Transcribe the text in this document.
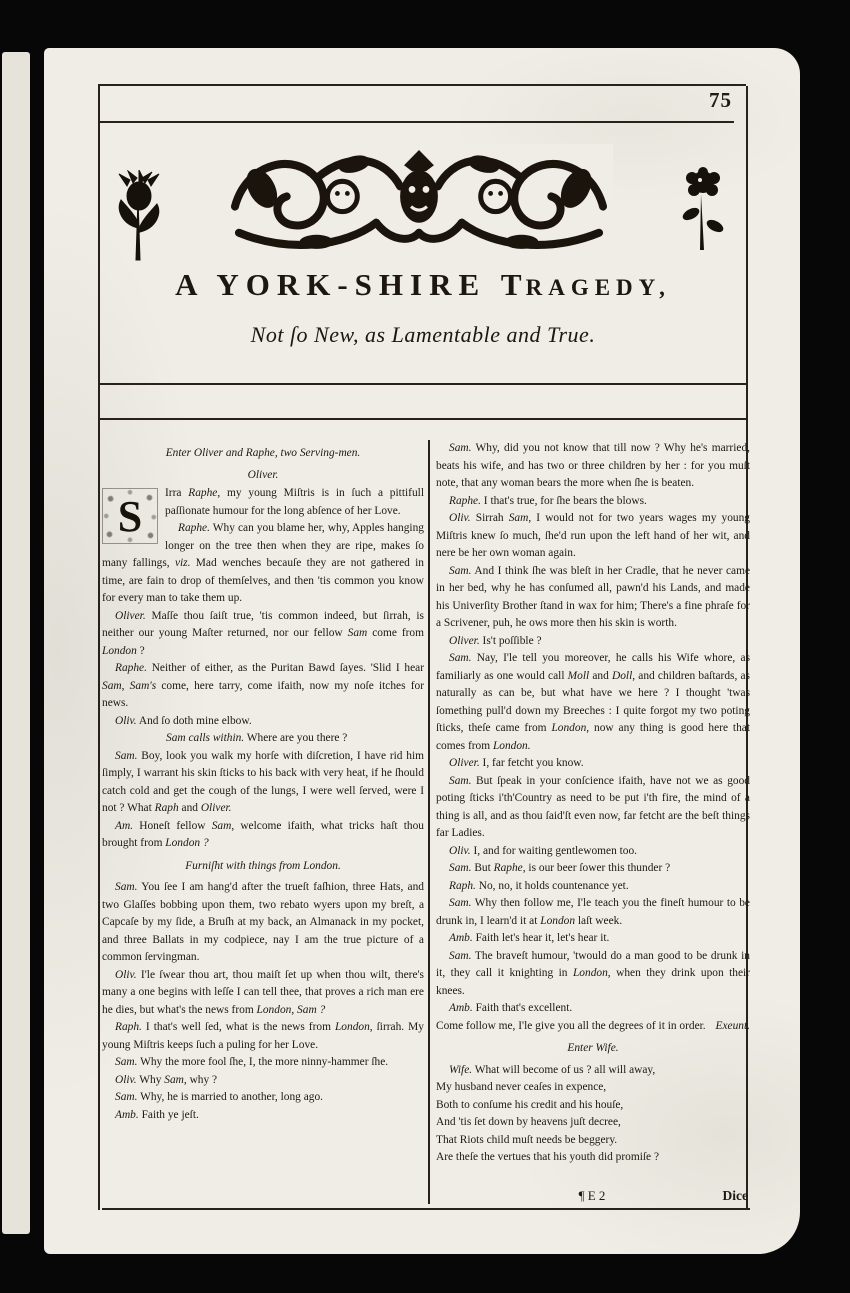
75
A YORK-SHIRE TRAGEDY,
Not ſo New, as Lamentable and True.

Enter Oliver and Raphe, two Serving-men.

Oliver.

S	Irra Raphe, my young Miſtris is in ſuch a pittifull paſſionate humour for the long abſence of her Love.

Raphe. Why can you blame her, why, Apples hanging longer on the tree then when they are ripe, makes ſo many fallings, viz. Mad wenches becauſe they are not gathered in time, are fain to drop of themſelves, and then 'tis common you know for every man to take them up.

Oliver. Maſſe thou ſaiſt true, 'tis common indeed, but ſirrah, is neither our young Maſter returned, nor our fellow Sam come from London ?

Raphe. Neither of either, as the Puritan Bawd ſayes. 'Slid I hear Sam, Sam's come, here tarry, come ifaith, now my noſe itches for news.

Oliv. And ſo doth mine elbow.

Sam calls within. Where are you there ?

Sam. Boy, look you walk my horſe with diſcretion, I have rid him ſimply, I warrant his skin ſticks to his back with very heat, if he ſhould catch cold and get the cough of the lungs, I were well ſerved, were I not ? What Raph and Oliver.

Am. Honeſt fellow Sam, welcome ifaith, what tricks haſt thou brought from London ?

Furniſht with things from London.

Sam. You ſee I am hang'd after the trueſt faſhion, three Hats, and two Glaſſes bobbing upon them, two rebato wyers upon my breſt, a Capcaſe by my ſide, a Bruſh at my back, an Almanack in my pocket, and three Ballats in my codpiece, nay I am the true picture of a common ſervingman.

Oliv. I'le ſwear thou art, thou maiſt ſet up when thou wilt, there's many a one begins with leſſe I can tell thee, that proves a rich man ere he dies, but what's the news from London, Sam ?

Raph. I that's well ſed, what is the news from London, ſirrah. My young Miſtris keeps ſuch a puling for her Love.

Sam. Why the more fool ſhe, I, the more ninny-hammer ſhe.

Oliv. Why Sam, why ?

Sam. Why, he is married to another, long ago.

Amb. Faith ye jeſt.

Sam. Why, did you not know that till now ? Why he's married, beats his wife, and has two or three children by her : for you muſt note, that any woman bears the more when ſhe is beaten.

Raphe. I that's true, for ſhe bears the blows.

Oliv. Sirrah Sam, I would not for two years wages my young Miſtris knew ſo much, ſhe'd run upon the left hand of her wit, and nere be her own woman again.

Sam. And I think ſhe was bleſt in her Cradle, that he never came in her bed, why he has conſumed all, pawn'd his Lands, and made his Univerſity Brother ſtand in wax for him; There's a fine phraſe for a Scrivener, puh, he ows more then his skin is worth.

Oliver. Is't poſſible ?

Sam. Nay, I'le tell you moreover, he calls his Wife whore, as familiarly as one would call Moll and Doll, and children baſtards, as naturally as can be, but what have we here ? I thought 'twas ſomething pull'd down my Breeches : I quite forgot my two poting ſticks, theſe came from London, now any thing is good here that comes from London.

Oliver. I, far fetcht you know.

Sam. But ſpeak in your conſcience ifaith, have not we as good poting ſticks i'th'Country as need to be put i'th fire, the mind of a thing is all, and as thou ſaid'ſt even now, far fetcht are the beſt things far Ladies.

Oliv. I, and for waiting gentlewomen too.

Sam. But Raphe, is our beer ſower this thunder ?

Raph. No, no, it holds countenance yet.

Sam. Why then follow me, I'le teach you the fineſt humour to be drunk in, I learn'd it at London laſt week.

Amb. Faith let's hear it, let's hear it.

Sam. The braveſt humour, 'twould do a man good to be drunk in it, they call it knighting in London, when they drink upon their knees.

Amb. Faith that's excellent.

Come follow me, I'le give you all the degrees of it in order. Exeunt.

Enter Wife.

Wife. What will become of us ? all will away,
My husband never ceaſes in expence,
Both to conſume his credit and his houſe,
And 'tis ſet down by heavens juſt decree,
That Riots child muſt needs be beggery.
Are theſe the vertues that his youth did promiſe ?
¶ E 2	Dice
